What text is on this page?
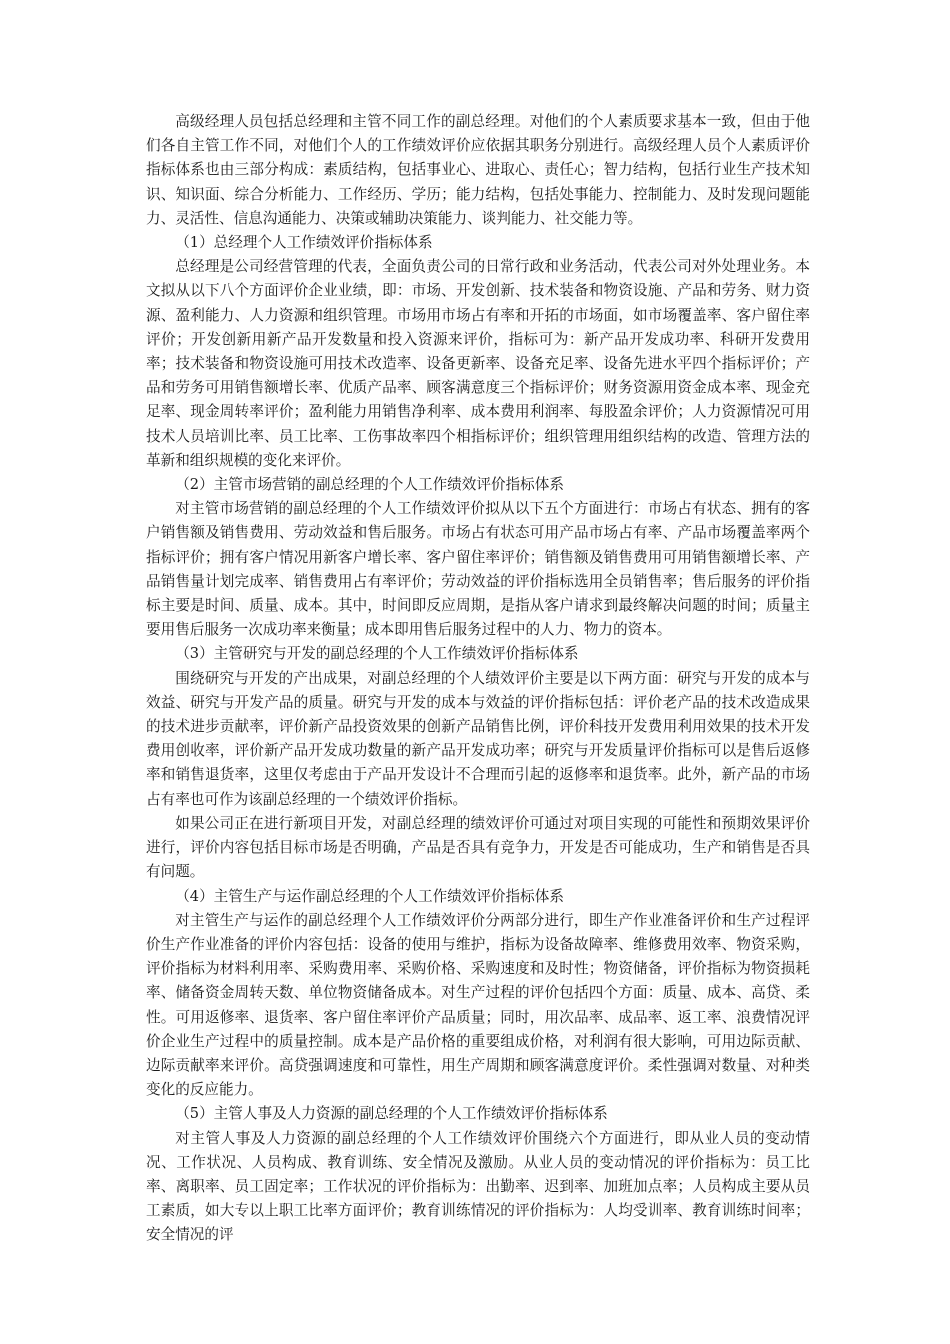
高级经理人员包括总经理和主管不同工作的副总经理。对他们的个人素质要求基本一致，但由于他们各自主管工作不同，对他们个人的工作绩效评价应依据其职务分别进行。高级经理人员个人素质评价指标体系也由三部分构成：素质结构，包括事业心、进取心、责任心；智力结构，包括行业生产技术知识、知识面、综合分析能力、工作经历、学历；能力结构，包括处事能力、控制能力、及时发现问题能力、灵活性、信息沟通能力、决策或辅助决策能力、谈判能力、社交能力等。

（1）总经理个人工作绩效评价指标体系

总经理是公司经营管理的代表，全面负责公司的日常行政和业务活动，代表公司对外处理业务。本文拟从以下八个方面评价企业业绩，即：市场、开发创新、技术装备和物资设施、产品和劳务、财力资源、盈利能力、人力资源和组织管理。市场用市场占有率和开拓的市场面，如市场覆盖率、客户留住率评价；开发创新用新产品开发数量和投入资源来评价，指标可为：新产品开发成功率、科研开发费用率；技术装备和物资设施可用技术改造率、设备更新率、设备充足率、设备先进水平四个指标评价；产品和劳务可用销售额增长率、优质产品率、顾客满意度三个指标评价；财务资源用资金成本率、现金充足率、现金周转率评价；盈利能力用销售净利率、成本费用利润率、每股盈余评价；人力资源情况可用技术人员培训比率、员工比率、工伤事故率四个相指标评价；组织管理用组织结构的改造、管理方法的革新和组织规模的变化来评价。

（2）主管市场营销的副总经理的个人工作绩效评价指标体系

对主管市场营销的副总经理的个人工作绩效评价拟从以下五个方面进行：市场占有状态、拥有的客户销售额及销售费用、劳动效益和售后服务。市场占有状态可用产品市场占有率、产品市场覆盖率两个指标评价；拥有客户情况用新客户增长率、客户留住率评价；销售额及销售费用可用销售额增长率、产品销售量计划完成率、销售费用占有率评价；劳动效益的评价指标选用全员销售率；售后服务的评价指标主要是时间、质量、成本。其中，时间即反应周期，是指从客户请求到最终解决问题的时间；质量主要用售后服务一次成功率来衡量；成本即用售后服务过程中的人力、物力的资本。

（3）主管研究与开发的副总经理的个人工作绩效评价指标体系

围绕研究与开发的产出成果，对副总经理的个人绩效评价主要是以下两方面：研究与开发的成本与效益、研究与开发产品的质量。研究与开发的成本与效益的评价指标包括：评价老产品的技术改造成果的技术进步贡献率，评价新产品投资效果的创新产品销售比例，评价科技开发费用利用效果的技术开发费用创收率，评价新产品开发成功数量的新产品开发成功率；研究与开发质量评价指标可以是售后返修率和销售退货率，这里仅考虑由于产品开发设计不合理而引起的返修率和退货率。此外，新产品的市场占有率也可作为该副总经理的一个绩效评价指标。

如果公司正在进行新项目开发，对副总经理的绩效评价可通过对项目实现的可能性和预期效果评价进行，评价内容包括目标市场是否明确，产品是否具有竞争力，开发是否可能成功，生产和销售是否具有问题。

（4）主管生产与运作副总经理的个人工作绩效评价指标体系

对主管生产与运作的副总经理个人工作绩效评价分两部分进行，即生产作业准备评价和生产过程评价生产作业准备的评价内容包括：设备的使用与维护，指标为设备故障率、维修费用效率、物资采购，评价指标为材料利用率、采购费用率、采购价格、采购速度和及时性；物资储备，评价指标为物资损耗率、储备资金周转天数、单位物资储备成本。对生产过程的评价包括四个方面：质量、成本、高贷、柔性。可用返修率、退货率、客户留住率评价产品质量；同时，用次品率、成品率、返工率、浪费情况评价企业生产过程中的质量控制。成本是产品价格的重要组成价格，对利润有很大影响，可用边际贡献、边际贡献率来评价。高贷强调速度和可靠性，用生产周期和顾客满意度评价。柔性强调对数量、对种类变化的反应能力。

（5）主管人事及人力资源的副总经理的个人工作绩效评价指标体系

对主管人事及人力资源的副总经理的个人工作绩效评价围绕六个方面进行，即从业人员的变动情况、工作状况、人员构成、教育训练、安全情况及激励。从业人员的变动情况的评价指标为：员工比率、离职率、员工固定率；工作状况的评价指标为：出勤率、迟到率、加班加点率；人员构成主要从员工素质，如大专以上职工比率方面评价；教育训练情况的评价指标为：人均受训率、教育训练时间率；安全情况的评
